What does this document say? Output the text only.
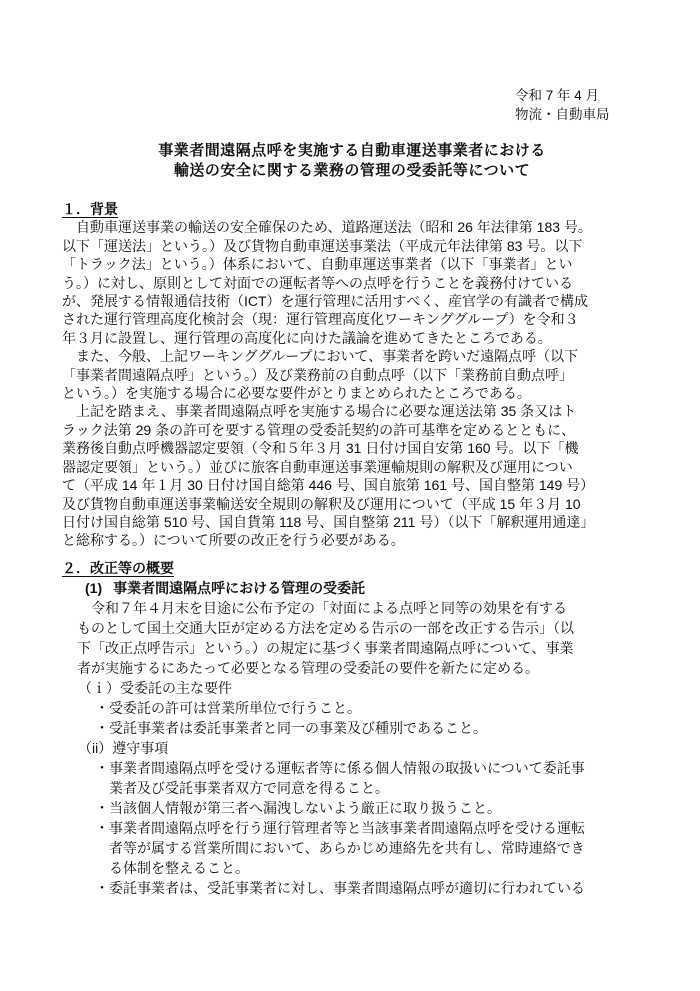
令和 7 年 4 月
物流・自動車局
事業者間遠隔点呼を実施する自動車運送事業者における
輸送の安全に関する業務の管理の受委託等について
１．背景
　自動車運送事業の輸送の安全確保のため、道路運送法（昭和 26 年法律第 183 号。
以下「運送法」という。）及び貨物自動車運送事業法（平成元年法律第 83 号。以下
「トラック法」という。）体系において、自動車運送事業者（以下「事業者」とい
う。）に対し、原則として対面での運転者等への点呼を行うことを義務付けている
が、発展する情報通信技術（ICT）を運行管理に活用すべく、産官学の有識者で構成
された運行管理高度化検討会（現：運行管理高度化ワーキンググループ）を令和３
年３月に設置し、運行管理の高度化に向けた議論を進めてきたところである。
　また、今般、上記ワーキンググループにおいて、事業者を跨いだ遠隔点呼（以下
「事業者間遠隔点呼」という。）及び業務前の自動点呼（以下「業務前自動点呼」
という。）を実施する場合に必要な要件がとりまとめられたところである。
　上記を踏まえ、事業者間遠隔点呼を実施する場合に必要な運送法第 35 条又はト
ラック法第 29 条の許可を要する管理の受委託契約の許可基準を定めるとともに、
業務後自動点呼機器認定要領（令和５年３月 31 日付け国自安第 160 号。以下「機
器認定要領」という。）並びに旅客自動車運送事業運輸規則の解釈及び運用につい
て（平成 14 年１月 30 日付け国自総第 446 号、国自旅第 161 号、国自整第 149 号）
及び貨物自動車運送事業輸送安全規則の解釈及び運用について（平成 15 年３月 10
日付け国自総第 510 号、国自貨第 118 号、国自整第 211 号）（以下「解釈運用通達」
と総称する。）について所要の改正を行う必要がある。
２．改正等の概要
(1) 事業者間遠隔点呼における管理の受委託
　令和７年４月末を目途に公布予定の「対面による点呼と同等の効果を有する
ものとして国土交通大臣が定める方法を定める告示の一部を改正する告示」（以
下「改正点呼告示」という。）の規定に基づく事業者間遠隔点呼について、事業
者が実施するにあたって必要となる管理の受委託の要件を新たに定める。
（ｉ）受委託の主な要件
・受委託の許可は営業所単位で行うこと。
・受託事業者は委託事業者と同一の事業及び種別であること。
（ii）遵守事項
・事業者間遠隔点呼を受ける運転者等に係る個人情報の取扱いについて委託事
業者及び受託事業者双方で同意を得ること。
・当該個人情報が第三者へ漏洩しないよう厳正に取り扱うこと。
・事業者間遠隔点呼を行う運行管理者等と当該事業者間遠隔点呼を受ける運転
者等が属する営業所間において、あらかじめ連絡先を共有し、常時連絡でき
る体制を整えること。
・委託事業者は、受託事業者に対し、事業者間遠隔点呼が適切に行われている
